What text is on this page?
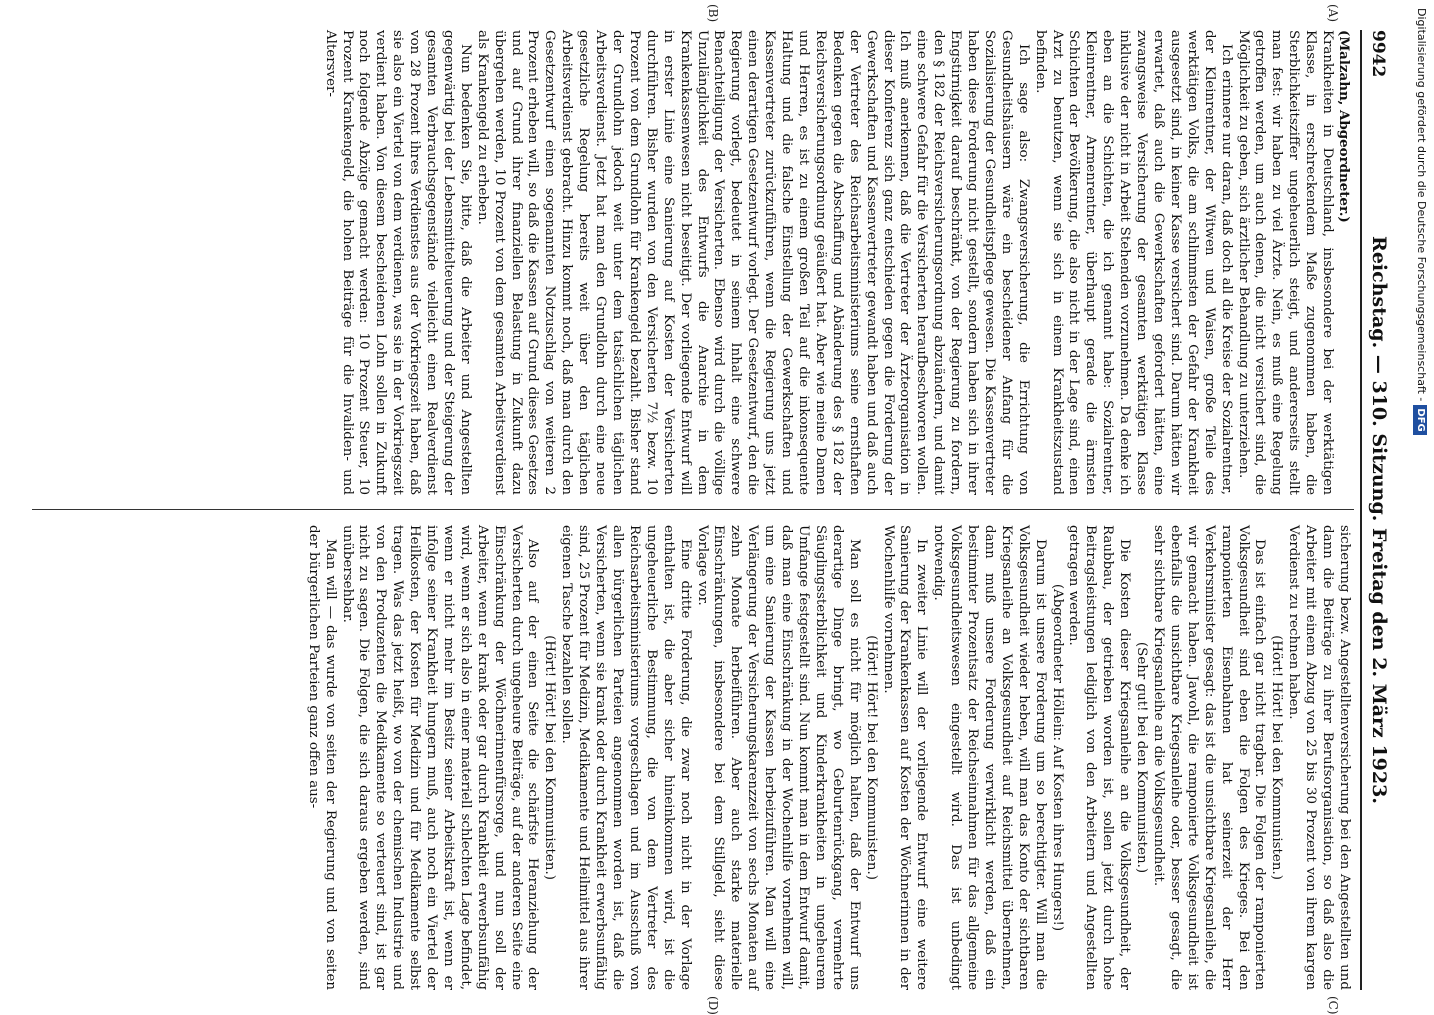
9942
Reichstag. — 310. Sitzung. Freitag den 2. März 1923.

(Malzahn, Abgeordneter.)

Krankheiten in Deutschland, insbesondere bei der werktätigen Klasse, in erschreckendem Maße zugenommen haben, die Sterblichkeitsziffer ungeheuerlich steigt, und andererseits stellt man fest: wir haben zu viel Ärzte. Nein, es muß eine Regelung getroffen werden, um auch denen, die nicht versichert sind, die Möglichkeit zu geben, sich ärztlicher Behandlung zu unterziehen.

Ich erinnere nur daran, daß doch all die Kreise der Sozialrentner, der Kleinrentner, der Witwen und Waisen, große Teile des werktätigen Volks, die am schlimmsten der Gefahr der Krankheit ausgesetzt sind, in keiner Kasse versichert sind. Darum hätten wir erwartet, daß auch die Gewerkschaften gefordert hätten, eine zwangsweise Versicherung der gesamten werktätigen Klasse inklusive der nicht in Arbeit Stehenden vorzunehmen. Da denke ich eben an die Schichten, die ich genannt habe: Sozialrentner, Kleinrentner, Armenrentner, überhaupt gerade die ärmsten Schichten der Bevölkerung, die also nicht in der Lage sind, einen Arzt zu benutzen, wenn sie sich in einem Krankheitszustand befinden.

Ich sage also: Zwangsversicherung, die Errichtung von Gesundheitshäusern wäre ein bescheidener Anfang für die Sozialisierung der Gesundheitspflege gewesen. Die Kassenvertreter haben diese Forderung nicht gestellt, sondern haben sich in ihrer Engstirnigkeit darauf beschränkt, von der Regierung zu fordern, den § 182 der Reichsversicherungsordnung abzuändern, und damit eine schwere Gefahr für die Versicherten heraufbeschworen wollen. Ich muß anerkennen, daß die Vertreter der Ärzteorganisation in dieser Konferenz sich ganz entschieden gegen die Forderung der Gewerkschaften und Kassenvertreter gewandt haben und daß auch der Vertreter des Reichsarbeitsministeriums seine ernsthaften Bedenken gegen die Abschaffung und Abänderung des § 182 der Reichsversicherungsordnung geäußert hat. Aber wie meine Damen und Herren, es ist zu einem großen Teil auf die inkonsequente Haltung und die falsche Einstellung der Gewerkschaften und Kassenvertreter zurückzuführen, wenn die Regierung uns jetzt einen derartigen Gesetzentwurf vorlegt. Der Gesetzentwurf, den die Regierung vorlegt, bedeutet in seinem Inhalt eine schwere Benachteiligung der Versicherten. Ebenso wird durch die völlige Unzulänglichkeit des Entwurfs die Anarchie in dem Krankenkassenwesen nicht beseitigt. Der vorliegende Entwurf will in erster Linie eine Sanierung auf Kosten der Versicherten durchführen. Bisher wurden von den Versicherten 7½ bezw. 10 Prozent von dem Grundlohn für Krankengeld bezahlt. Bisher stand der Grundlohn jedoch weit unter dem tatsächlichen täglichen Arbeitsverdienst. Jetzt hat man den Grundlohn durch eine neue gesetzliche Regelung bereits weit über den täglichen Arbeitsverdienst gebracht. Hinzu kommt noch, daß man durch den Gesetzentwurf einen sogenannten Notzuschlag von weiteren 2 Prozent erheben will, so daß die Kassen auf Grund dieses Gesetzes und auf Grund ihrer finanziellen Belastung in Zukunft dazu übergehen werden, 10 Prozent von dem gesamten Arbeitsverdienst als Krankengeld zu erheben.

Nun bedenken Sie, bitte, daß die Arbeiter und Angestellten gegenwärtig bei der Lebensmittelteuerung und der Steigerung der gesamten Verbrauchsgegenstände vielleicht einen Realverdienst von 28 Prozent ihres Verdienstes aus der Vorkriegszeit haben, daß sie also ein Viertel von dem verdienen, was sie in der Vorkriegszeit verdient haben. Von diesem bescheidenen Lohn sollen in Zukunft noch folgende Abzüge gemacht werden: 10 Prozent Steuer, 10 Prozent Krankengeld, die hohen Beiträge für die Invaliden- und Altersver-

sicherung bezw. Angestelltenversicherung bei den Angestellten und dann die Beiträge zu ihrer Berufsorganisation, so daß also die Arbeiter mit einem Abzug von 25 bis 30 Prozent von ihrem kargen Verdienst zu rechnen haben.

(Hört! Hört! bei den Kommunisten.)

Das ist einfach gar nicht tragbar. Die Folgen der ramponierten Volksgesundheit sind eben die Folgen des Krieges. Bei den ramponierten Eisenbahnen hat seinerzeit der Herr Verkehrsminister gesagt: das ist die unsichtbare Kriegsanleihe, die wir gemacht haben. Jawohl, die ramponierte Volksgesundheit ist ebenfalls die unsichtbare Kriegsanleihe oder, besser gesagt, die sehr sichtbare Kriegsanleihe an die Volksgesundheit.

(Sehr gut! bei den Kommunisten.)

Die Kosten dieser Kriegsanleihe an die Volksgesundheit, der Raubbau, der getrieben worden ist, sollen jetzt durch hohe Beitragsleistungen lediglich von den Arbeitern und Angestellten getragen werden.

(Abgeordneter Höllein: Auf Kosten ihres Hungers!)

Darum ist unsere Forderung um so berechtigter. Will man die Volksgesundheit wieder heben, will man das Konto der sichtbaren Kriegsanleihe an Volksgesundheit auf Reichsmittel übernehmen, dann muß unsere Forderung verwirklicht werden, daß ein bestimmter Prozentsatz der Reichseinnahmen für das allgemeine Volksgesundheitswesen eingestellt wird. Das ist unbedingt notwendig.

In zweiter Linie will der vorliegende Entwurf eine weitere Sanierung der Krankenkassen auf Kosten der Wöchnerinnen in der Wochenhilfe vornehmen.

(Hört! Hört! bei den Kommunisten.)

Man soll es nicht für möglich halten, daß der Entwurf uns derartige Dinge bringt, wo Geburtenrückgang, vermehrte Säuglingssterblichkeit und Kinderkrankheiten in ungeheurem Umfange festgestellt sind. Nun kommt man in dem Entwurf damit, daß man eine Einschränkung in der Wochenhilfe vornehmen will, um eine Sanierung der Kassen herbeizuführen. Man will eine Verlängerung der Versicherungskarenzzeit von sechs Monaten auf zehn Monate herbeiführen. Aber auch starke materielle Einschränkungen, insbesondere bei dem Stillgeld, sieht diese Vorlage vor.

Eine dritte Forderung, die zwar noch nicht in der Vorlage enthalten ist, die aber sicher hineinkommen wird, ist die ungeheuerliche Bestimmung, die von dem Vertreter des Reichsarbeitsministeriums vorgeschlagen und im Ausschuß von allen bürgerlichen Parteien angenommen worden ist, daß die Versicherten, wenn sie krank oder durch Krankheit erwerbsunfähig sind, 25 Prozent für Medizin, Medikamente und Heilmittel aus ihrer eigenen Tasche bezahlen sollen.

(Hört! Hört! bei den Kommunisten.)

Also auf der einen Seite die schärfste Heranziehung der Versicherten durch ungeheure Beiträge, auf der anderen Seite eine Einschränkung der Wöchnerinnenfürsorge, und nun soll der Arbeiter, wenn er krank oder gar durch Krankheit erwerbsunfähig wird, wenn er sich also in einer materiell schlechten Lage befindet, wenn er nicht mehr im Besitz seiner Arbeitskraft ist, wenn er infolge seiner Krankheit hungern muß, auch noch ein Viertel der Heilkosten, der Kosten für Medizin und für Medikamente selbst tragen. Was das jetzt heißt, wo von der chemischen Industrie und von den Produzenten die Medikamente so verteuert sind, ist gar nicht zu sagen. Die Folgen, die sich daraus ergeben werden, sind unübersehbar.

Man will — das wurde von seiten der Regierung und von seiten der bürgerlichen Parteien ganz offen aus-

(A)
(B)
(C)
(D)
Digitalisierung gefördert durch die Deutsche Forschungsgemeinschaft -DFG
